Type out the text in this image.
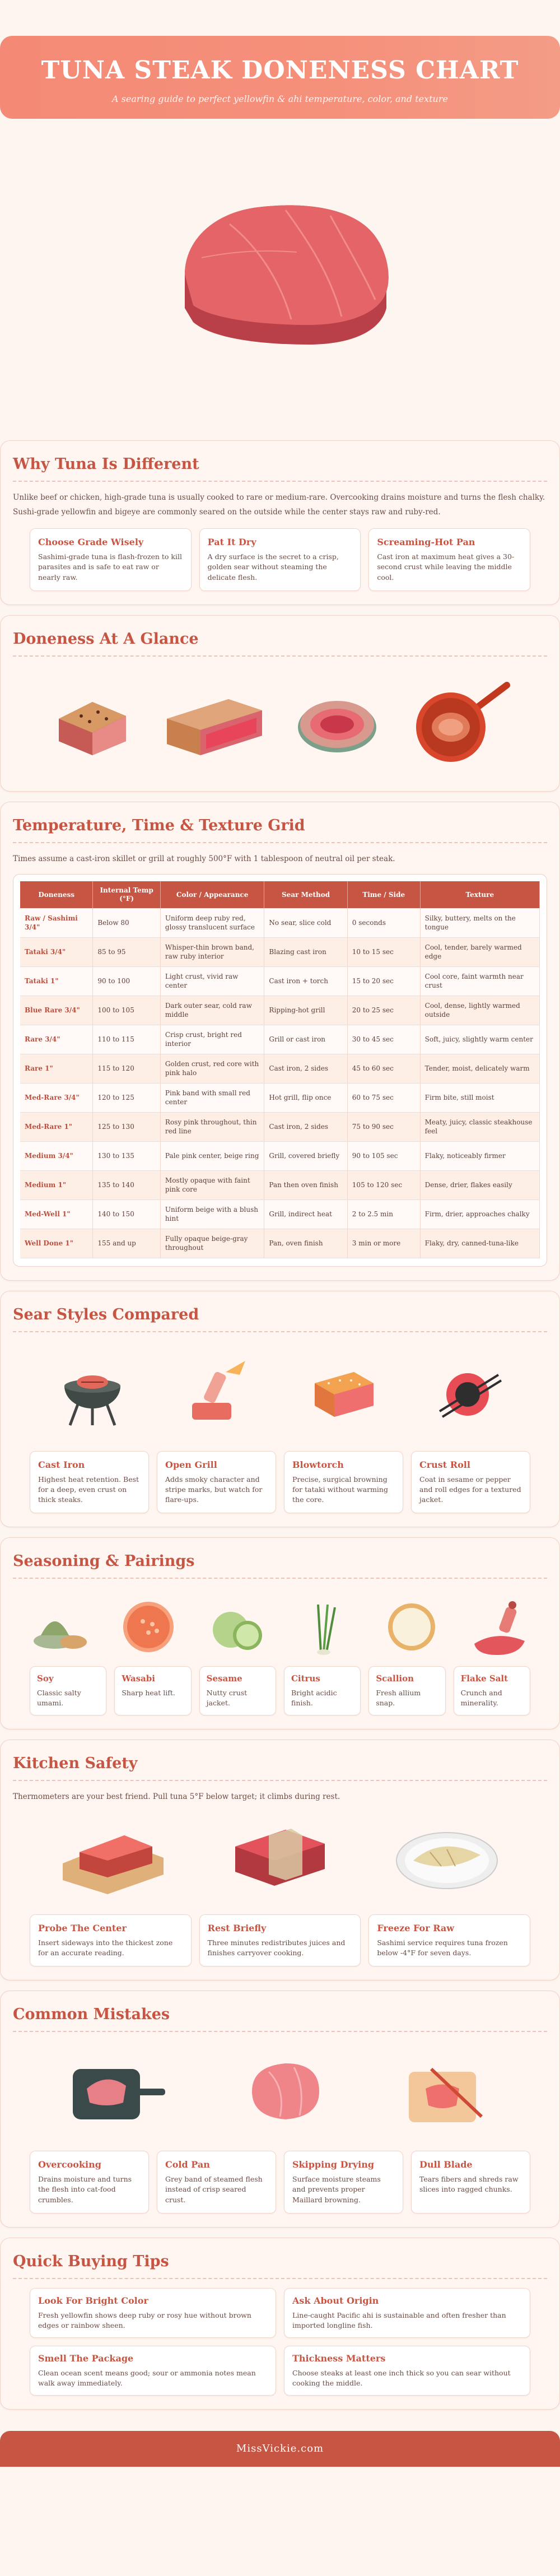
TUNA STEAK DONENESS CHART

A searing guide to perfect yellowfin & ahi temperature, color, and texture

Why Tuna Is Different

Unlike beef or chicken, high-grade tuna is usually cooked to rare or medium-rare. Overcooking drains moisture and turns the flesh chalky.

Sushi-grade yellowfin and bigeye are commonly seared on the outside while the center stays raw and ruby-red.

Choose Grade Wisely

Sashimi-grade tuna is flash-frozen to kill parasites and is safe to eat raw or nearly raw.

Pat It Dry

A dry surface is the secret to a crisp, golden sear without steaming the delicate flesh.

Screaming-Hot Pan

Cast iron at maximum heat gives a 30-second crust while leaving the middle cool.

Doneness At A Glance
Temperature, Time & Texture Grid

Times assume a cast-iron skillet or grill at roughly 500°F with 1 tablespoon of neutral oil per steak.

Doneness	Internal Temp (°F)	Color / Appearance	Sear Method	Time / Side	Texture
Raw / Sashimi 3/4"	Below 80	Uniform deep ruby red, glossy translucent surface	No sear, slice cold	0 seconds	Silky, buttery, melts on the tongue
Tataki 3/4"	85 to 95	Whisper-thin brown band, raw ruby interior	Blazing cast iron	10 to 15 sec	Cool, tender, barely warmed edge
Tataki 1"	90 to 100	Light crust, vivid raw center	Cast iron + torch	15 to 20 sec	Cool core, faint warmth near crust
Blue Rare 3/4"	100 to 105	Dark outer sear, cold raw middle	Ripping-hot grill	20 to 25 sec	Cool, dense, lightly warmed outside
Rare 3/4"	110 to 115	Crisp crust, bright red interior	Grill or cast iron	30 to 45 sec	Soft, juicy, slightly warm center
Rare 1"	115 to 120	Golden crust, red core with pink halo	Cast iron, 2 sides	45 to 60 sec	Tender, moist, delicately warm
Med-Rare 3/4"	120 to 125	Pink band with small red center	Hot grill, flip once	60 to 75 sec	Firm bite, still moist
Med-Rare 1"	125 to 130	Rosy pink throughout, thin red line	Cast iron, 2 sides	75 to 90 sec	Meaty, juicy, classic steakhouse feel
Medium 3/4"	130 to 135	Pale pink center, beige ring	Grill, covered briefly	90 to 105 sec	Flaky, noticeably firmer
Medium 1"	135 to 140	Mostly opaque with faint pink core	Pan then oven finish	105 to 120 sec	Dense, drier, flakes easily
Med-Well 1"	140 to 150	Uniform beige with a blush hint	Grill, indirect heat	2 to 2.5 min	Firm, drier, approaches chalky
Well Done 1"	155 and up	Fully opaque beige-gray throughout	Pan, oven finish	3 min or more	Flaky, dry, canned-tuna-like
Sear Styles Compared
Cast Iron

Highest heat retention. Best for a deep, even crust on thick steaks.

Open Grill

Adds smoky character and stripe marks, but watch for flare-ups.

Blowtorch

Precise, surgical browning for tataki without warming the core.

Crust Roll

Coat in sesame or pepper and roll edges for a textured jacket.

Seasoning & Pairings
Soy

Classic salty umami.

Wasabi

Sharp heat lift.

Sesame

Nutty crust jacket.

Citrus

Bright acidic finish.

Scallion

Fresh allium snap.

Flake Salt

Crunch and minerality.

Kitchen Safety

Thermometers are your best friend. Pull tuna 5°F below target; it climbs during rest.

Probe The Center

Insert sideways into the thickest zone for an accurate reading.

Rest Briefly

Three minutes redistributes juices and finishes carryover cooking.

Freeze For Raw

Sashimi service requires tuna frozen below -4°F for seven days.

Common Mistakes
Overcooking

Drains moisture and turns the flesh into cat-food crumbles.

Cold Pan

Grey band of steamed flesh instead of crisp seared crust.

Skipping Drying

Surface moisture steams and prevents proper Maillard browning.

Dull Blade

Tears fibers and shreds raw slices into ragged chunks.

Quick Buying Tips
Look For Bright Color

Fresh yellowfin shows deep ruby or rosy hue without brown edges or rainbow sheen.

Ask About Origin

Line-caught Pacific ahi is sustainable and often fresher than imported longline fish.

Smell The Package

Clean ocean scent means good; sour or ammonia notes mean walk away immediately.

Thickness Matters

Choose steaks at least one inch thick so you can sear without cooking the middle.

MissVickie.com
